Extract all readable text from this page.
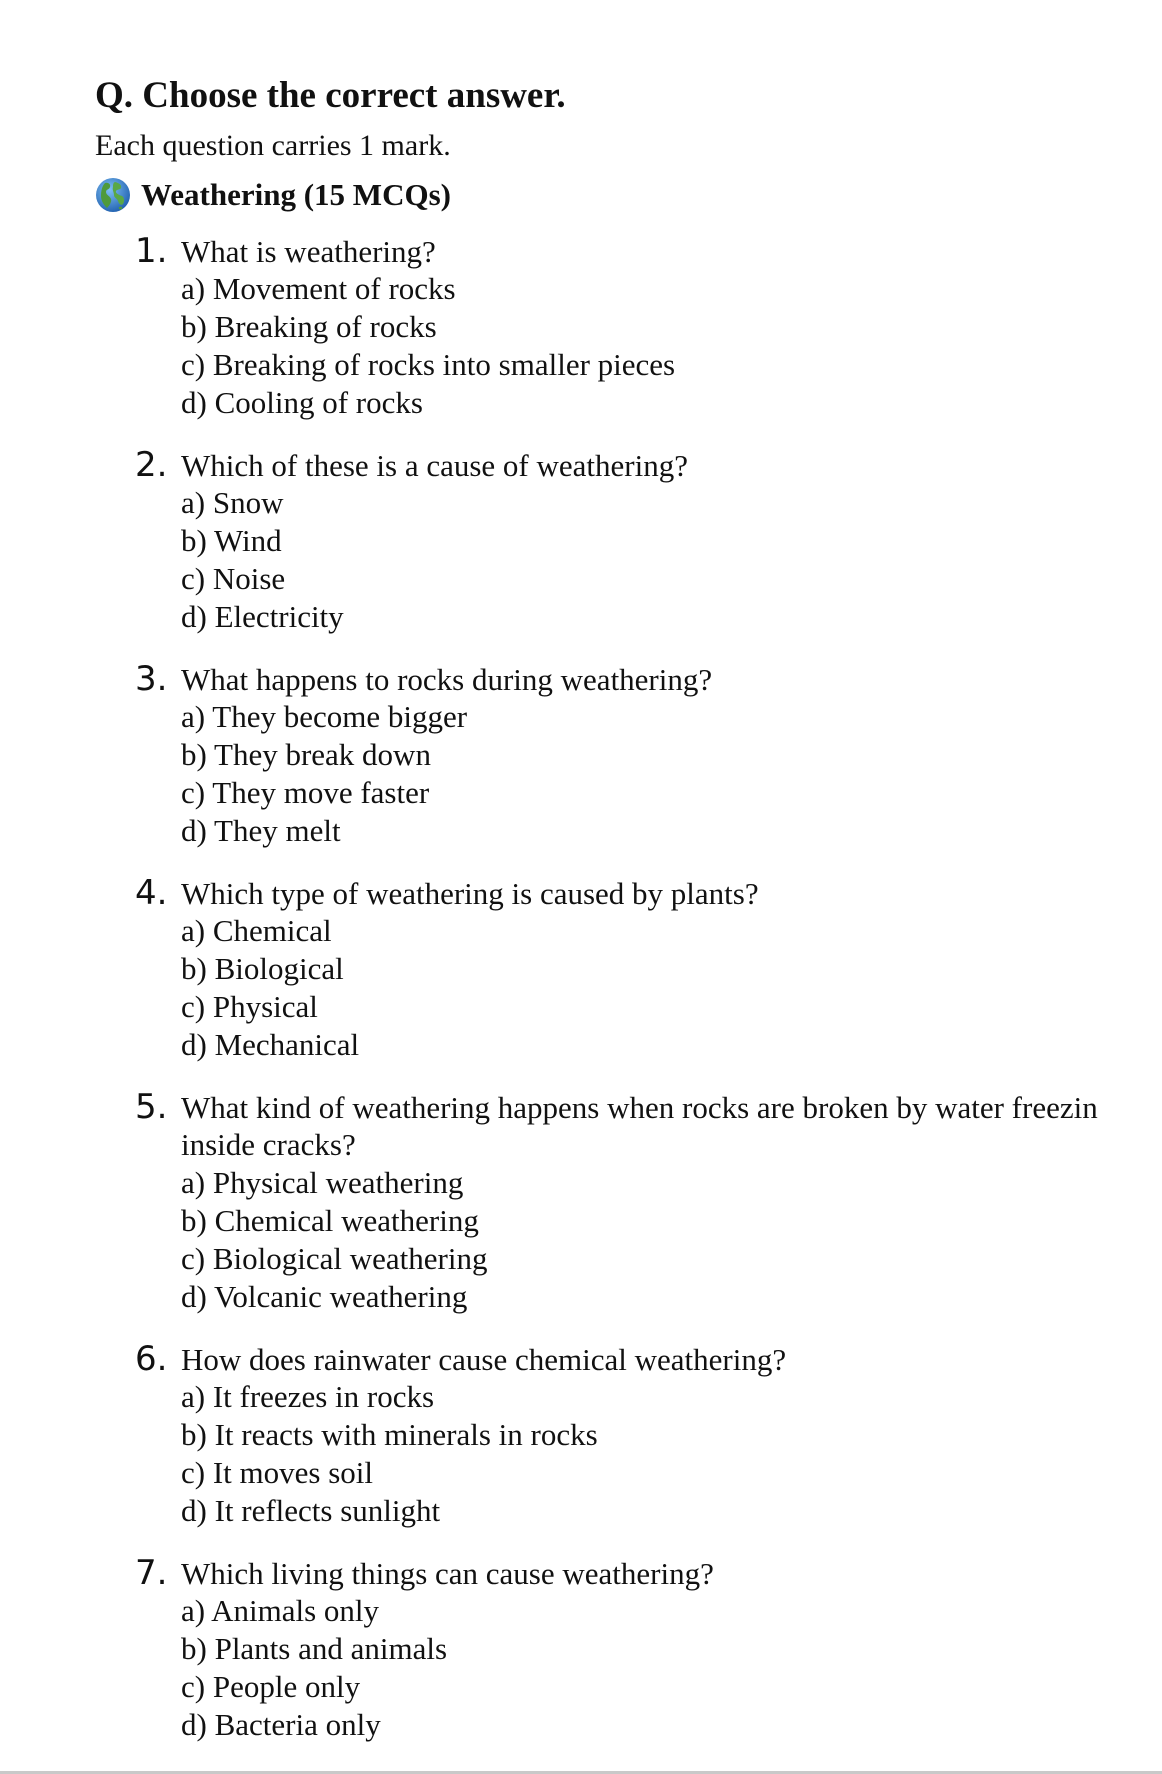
Q. Choose the correct answer.

Each question carries 1 mark.

Weathering (15 MCQs)
1. What is weathering?
a) Movement of rocks
b) Breaking of rocks
c) Breaking of rocks into smaller pieces
d) Cooling of rocks
2. Which of these is a cause of weathering?
a) Snow
b) Wind
c) Noise
d) Electricity
3. What happens to rocks during weathering?
a) They become bigger
b) They break down
c) They move faster
d) They melt
4. Which type of weathering is caused by plants?
a) Chemical
b) Biological
c) Physical
d) Mechanical
5. What kind of weathering happens when rocks are broken by water freezin
inside cracks?
a) Physical weathering
b) Chemical weathering
c) Biological weathering
d) Volcanic weathering
6. How does rainwater cause chemical weathering?
a) It freezes in rocks
b) It reacts with minerals in rocks
c) It moves soil
d) It reflects sunlight
7. Which living things can cause weathering?
a) Animals only
b) Plants and animals
c) People only
d) Bacteria only
